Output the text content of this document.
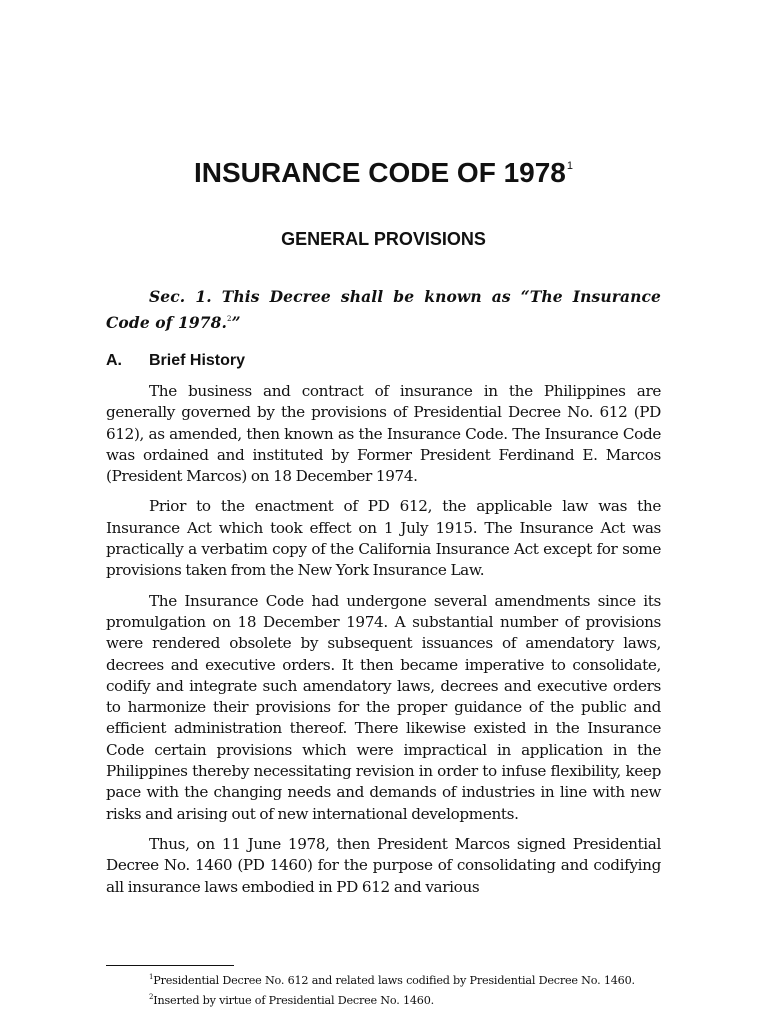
INSURANCE CODE OF 1978$^1$
GENERAL PROVISIONS

Sec. 1. This Decree shall be known as “The Insurance Code of 1978.$^2$”

A. Brief History

The business and contract of insurance in the Philippines are generally governed by the provisions of Presidential Decree No. 612 (PD 612), as amended, then known as the Insurance Code. The Insurance Code was ordained and instituted by Former President Ferdinand E. Marcos (President Marcos) on 18 December 1974.

Prior to the enactment of PD 612, the applicable law was the Insurance Act which took effect on 1 July 1915. The Insurance Act was practically a verbatim copy of the California Insurance Act except for some provisions taken from the New York Insurance Law.

The Insurance Code had undergone several amendments since its promulgation on 18 December 1974. A substantial number of provisions were rendered obsolete by subsequent issuances of amendatory laws, decrees and executive orders. It then became imperative to consolidate, codify and integrate such amendatory laws, decrees and executive orders to harmonize their provisions for the proper guidance of the public and efficient administration thereof. There likewise existed in the Insurance Code certain provisions which were impractical in application in the Philippines thereby necessitating revision in order to infuse flexibility, keep pace with the changing needs and demands of industries in line with new risks and arising out of new international developments.

Thus, on 11 June 1978, then President Marcos signed Presidential Decree No. 1460 (PD 1460) for the purpose of consolidating and codifying all insurance laws embodied in PD 612 and various

$^1$Presidential Decree No. 612 and related laws codified by Presidential Decree No. 1460.

$^2$Inserted by virtue of Presidential Decree No. 1460.
